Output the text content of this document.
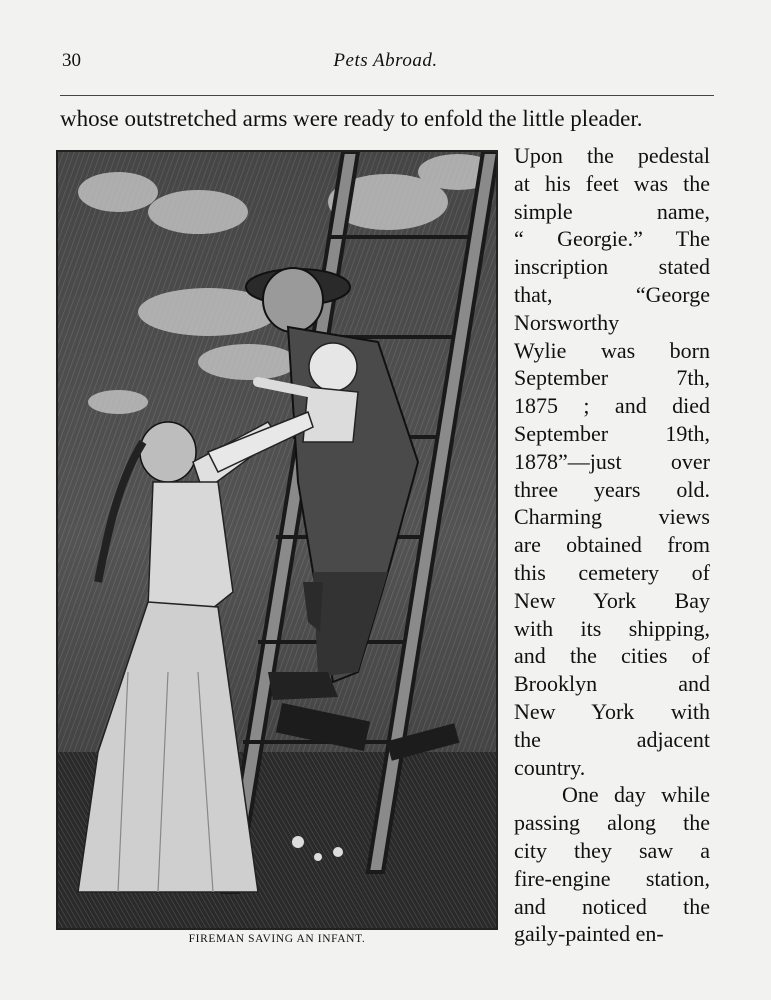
30	Pets Abroad.
whose outstretched arms were ready to enfold the little pleader.
FIREMAN SAVING AN INFANT.
Upon the pedestal
at his feet was the
simple name,
“ Georgie.” The
inscription stated
that, “George
Norsworthy
Wylie was born
September 7th,
1875 ; and died
September 19th,
1878”—just over
three years old.
Charming views
are obtained from
this cemetery of
New York Bay
with its shipping,
and the cities of
Brooklyn and
New York with
the adjacent
country.
One day while
passing along the
city they saw a
fire-engine station,
and noticed the
gaily-painted en-
